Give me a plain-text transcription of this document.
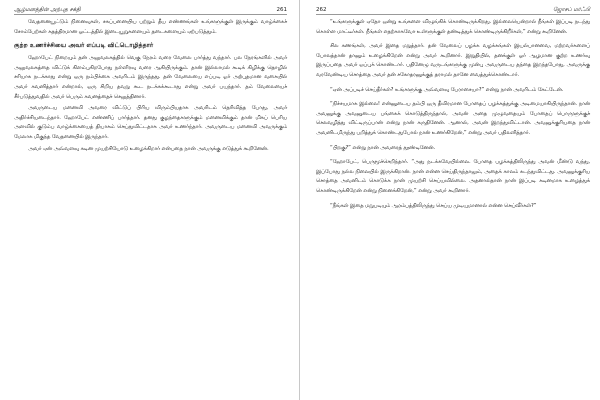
ஆழ்மனத்தின் அற்புத சக்தி	261

வேதனையூட்டும் நினைவுகள், சகப்பனையிய பற்றும் தீய எண்ணங்கள் உங்களுக்குள் இருக்கும் வாழ்க்கைச் சோம்பேற்கள் கதத்திரமான ஓட்டத்தில் இடையூறுகளையும் தடைகளையும் ஏற்படுத்தும்.

குற்ற உணர்ச்சியை அவர் எப்படி விட்டொழித்தார்

ஹோபேட் நிறையும் தன் அலுவலகத்தில் வெகு நேரம் வரை வேலை பார்த்து வந்தார். பல நேரங்களில் அவர் அலுவலகத்தை விட்டுக் கிளம்புகிறபோது நள்ளிரவு வரை ஆகியிருக்கும். தான் இல்லாமல் கூடிக் கிழிக்கு தொழில் சரியாக நடக்காது என்று ஒரு நம்பிக்கை அவரிடம் இருந்தது. தன் வேலையை எப்படி ஓர் அற்புதமான வகையில் அவர் கவனித்தார் என்றால், ஒரு சிறிய தவறு கூட நடக்கக்கூடாது என்று அவர் பயந்தார். தம் வேலையைச் சீர்படுத்துவதில் அவர் பெரும் கவனத்தைச் செலுத்தினார்.

அவருடைய மனைவி அவரை விட்டுப் பிரிய விரும்பியதாக அவரிடம் தெரிவித்த போது, அவர் அதிர்ச்சியடைந்தார். ஹோபேட் எண்ணிப் பார்த்தார். தனது குழந்தைகளுக்கும் மனைவிக்கும் தான் மிகப் பெரிய அளவில் குடும்ப வாழ்க்கையைத் தியாகம் செய்துவிட்டதாக அவர் உணர்ந்தார். அவருடைய மனைவி அவருக்கும் மேலாக மிகுந்த வேதனையில் இருந்தார்.

அவர் ஏன் அவ்வளவு கடின முயற்சியோடு உழைக்கிறார் என்பதை நான் அவருக்கு எடுத்துக் கூறினேன்.

262	ஜோசப் மர்ஃபி

“உங்களுக்குள் ஏதோ ஒன்று உங்களை விழுங்கிக் கொண்டிருக்கிறது. இல்லையென்றால் நீங்கள் இப்படி நடந்து கொள்ள மாட்டீர்கள். நீங்கள் எதற்காகவோ உள்ளுக்குள் தண்டித்துக் கொண்டிருக்கிறீர்கள்,” என்று கூறினேன்.

சில கணங்கள், அவர் இதை மறுத்தார். தன் வேலைப் பழக்க வழக்கங்கள் இயல்பானவை, மற்றவர்களைப் போலத்தான் தானும் உழைக்கிறேன் என்று அவர் கூறினார். இறுதியில், தனக்குள் ஓர் ஆழமான குற்ற உணர்வு இருப்பதை அவர் ஒப்புக் கொண்டார். பதினேழு வருடங்களுக்கு முன்பு அவருடைய தந்தை இறந்தபோது, அவருக்கு வரவேண்டிய சொத்தை அவர் தன் சகோதரனுக்குத் தராமல் தானே வைத்துக்கொண்டார்.

“ஏன் அப்படிச் செய்தீர்கள்? உங்களுக்கு அவ்வளவு பேராசையா?” என்று நான் அவரிடம் கேட்டேன்.

“நிச்சயமாக இல்லை! என்னுடைய தம்பி ஒரு தீவிரமான போதைப் பழக்கத்துக்கு அடிமையாகியிருந்தான். நான் அவனுக்கு அவனுடைய பங்கைக் கொடுத்திருந்தால், அவன் அதை முழுவதையும் போதைப் பொருளுக்குச் செலவழித்து விட்டிருப்பான் என்று நான் கருதினேன். ஆனால், அவன் இறந்துவிட்டான். அவனுக்குரியதை நான் அவனிடமிருந்து பறித்துக் கொண்டதுபோல் நான் உணர்கிறேன்,” என்று அவர் பதிலளித்தார்.

“பிறகு?” என்று நான் அவரைத் தூண்டினேன்.

“ஹோபேட், பெருமூச்செறிந்தார். “அது நடக்கவேயில்லை. போதை பழக்கத்திலிருந்து அவன் மீண்டு வந்து, இப்போது நல்ல நிலையில் இருக்கிறான். நான் என்ன செய்திருந்தாலும், அதைக் காலம் கடந்துவிட்டது. அவனுக்குரிய சொத்தை அவனிடம் கொடுக்க நான் முயற்சி செய்யவில்லை. அதனால்தான் நான் இப்படி கடினமாக உழைத்துக் கொண்டிருக்கிறேன் என்று நினைக்கிறேன்,” என்று அவர் கூறினார்.

“நீங்கள் இதை மறுபடியும் ஆரம்பத்திலிருந்து செய்ய முடியுமானால் என்ன செய்வீர்கள்?”
